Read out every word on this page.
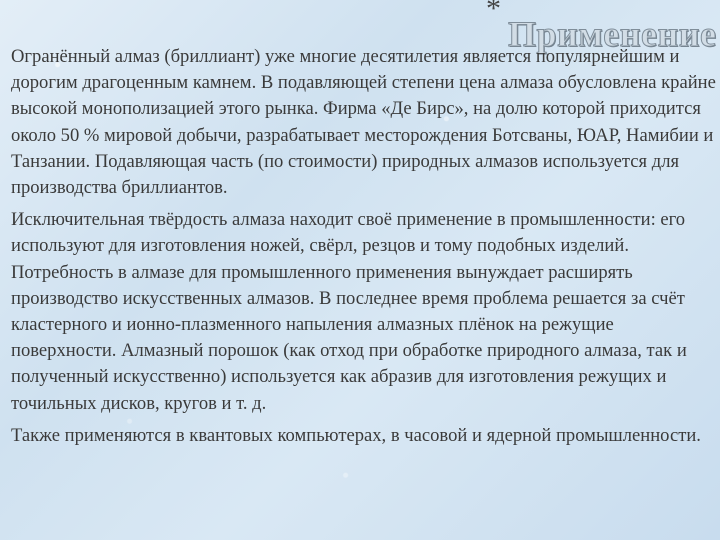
*
Применение

Огранённый алмаз (бриллиант) уже многие десятилетия является популярнейшим и дорогим драгоценным камнем. В подавляющей степени цена алмаза обусловлена крайне высокой монополизацией этого рынка. Фирма «Де Бирс», на долю которой приходится около 50 % мировой добычи, разрабатывает месторождения Ботсваны, ЮАР, Намибии и Танзании. Подавляющая часть (по стоимости) природных алмазов используется для производства бриллиантов.

Исключительная твёрдость алмаза находит своё применение в промышленности: его используют для изготовления ножей, свёрл, резцов и тому подобных изделий. Потребность в алмазе для промышленного применения вынуждает расширять производство искусственных алмазов. В последнее время проблема решается за счёт кластерного и ионно-плазменного напыления алмазных плёнок на режущие поверхности. Алмазный порошок (как отход при обработке природного алмаза, так и полученный искусственно) используется как абразив для изготовления режущих и точильных дисков, кругов и т. д.

Также применяются в квантовых компьютерах, в часовой и ядерной промышленности.
